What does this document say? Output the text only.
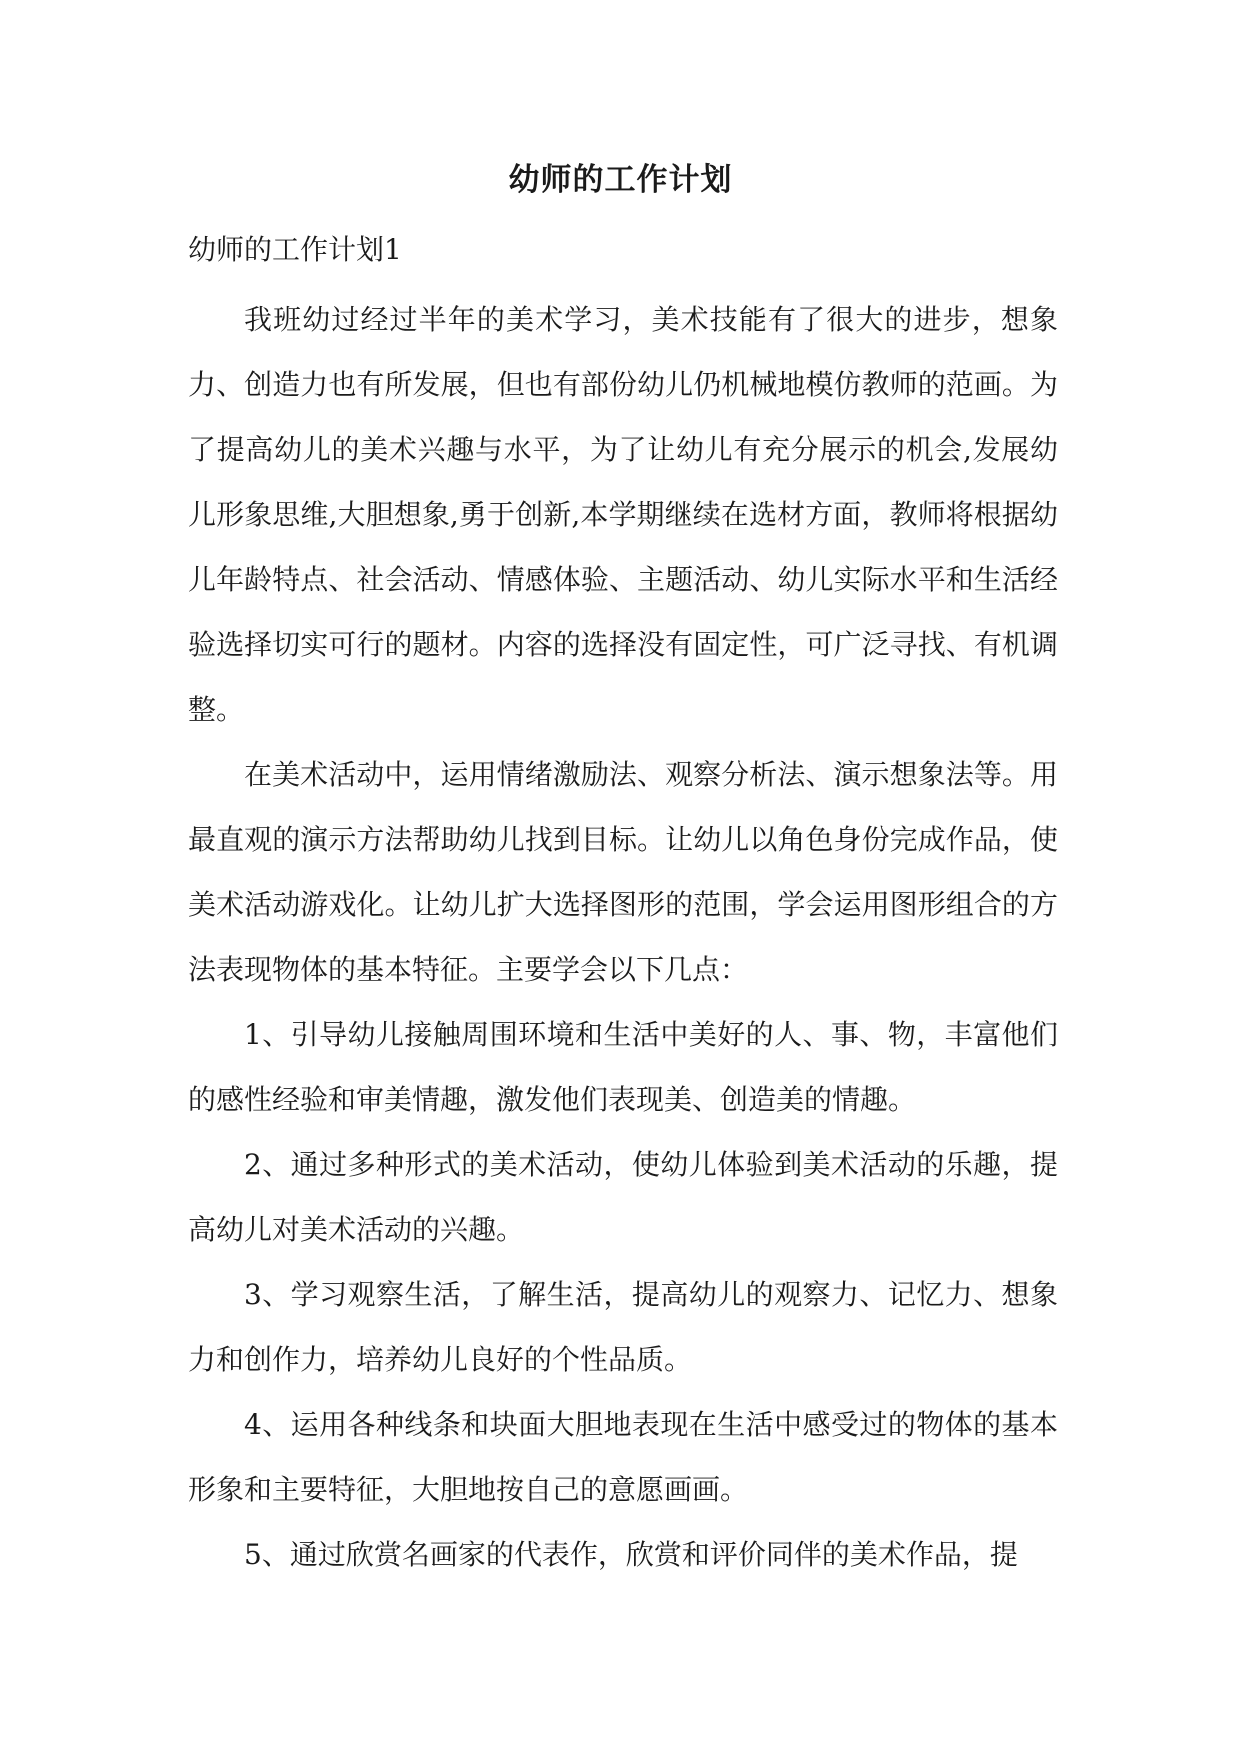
幼师的工作计划
幼师的工作计划1

我班幼过经过半年的美术学习，美术技能有了很大的进步，想象力、创造力也有所发展，但也有部份幼儿仍机械地模仿教师的范画。为了提高幼儿的美术兴趣与水平，为了让幼儿有充分展示的机会,发展幼儿形象思维,大胆想象,勇于创新,本学期继续在选材方面，教师将根据幼儿年龄特点、社会活动、情感体验、主题活动、幼儿实际水平和生活经验选择切实可行的题材。内容的选择没有固定性，可广泛寻找、有机调整。

在美术活动中，运用情绪激励法、观察分析法、演示想象法等。用最直观的演示方法帮助幼儿找到目标。让幼儿以角色身份完成作品，使美术活动游戏化。让幼儿扩大选择图形的范围，学会运用图形组合的方法表现物体的基本特征。主要学会以下几点：

1、引导幼儿接触周围环境和生活中美好的人、事、物，丰富他们的感性经验和审美情趣，激发他们表现美、创造美的情趣。

2、通过多种形式的美术活动，使幼儿体验到美术活动的乐趣，提高幼儿对美术活动的兴趣。

3、学习观察生活，了解生活，提高幼儿的观察力、记忆力、想象力和创作力，培养幼儿良好的个性品质。

4、运用各种线条和块面大胆地表现在生活中感受过的物体的基本形象和主要特征，大胆地按自己的意愿画画。

5、通过欣赏名画家的代表作，欣赏和评价同伴的美术作品，提
